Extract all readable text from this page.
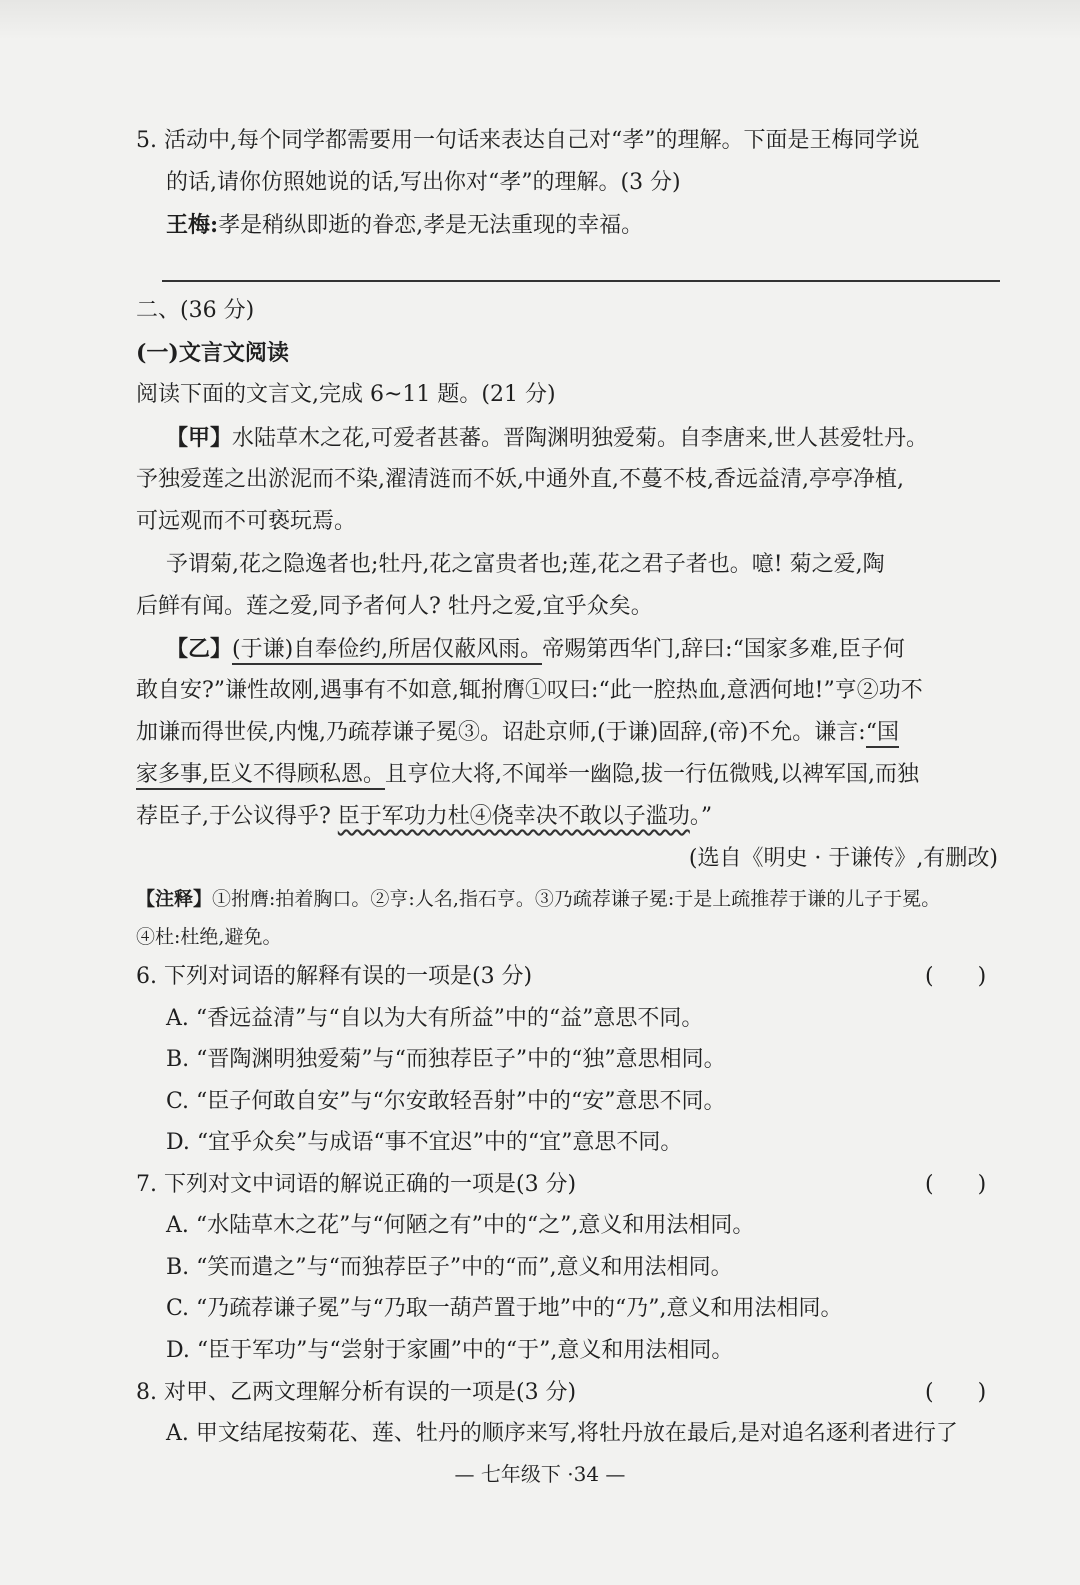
5. 活动中,每个同学都需要用一句话来表达自己对“孝”的理解。下面是王梅同学说
的话,请你仿照她说的话,写出你对“孝”的理解。(3 分)
王梅:孝是稍纵即逝的眷恋,孝是无法重现的幸福。
二、(36 分)
(一)文言文阅读
阅读下面的文言文,完成 6~11 题。(21 分)
【甲】水陆草木之花,可爱者甚蕃。晋陶渊明独爱菊。自李唐来,世人甚爱牡丹。
予独爱莲之出淤泥而不染,濯清涟而不妖,中通外直,不蔓不枝,香远益清,亭亭净植,
可远观而不可亵玩焉。
予谓菊,花之隐逸者也;牡丹,花之富贵者也;莲,花之君子者也。噫! 菊之爱,陶
后鲜有闻。莲之爱,同予者何人? 牡丹之爱,宜乎众矣。
【乙】(于谦)自奉俭约,所居仅蔽风雨。帝赐第西华门,辞曰:“国家多难,臣子何
敢自安?”谦性故刚,遇事有不如意,辄拊膺①叹曰:“此一腔热血,意洒何地!”亨②功不
加谦而得世侯,内愧,乃疏荐谦子冕③。诏赴京师,(于谦)固辞,(帝)不允。谦言:“国
家多事,臣义不得顾私恩。且亨位大将,不闻举一幽隐,拔一行伍微贱,以裨军国,而独
荐臣子,于公议得乎? 臣于军功力杜④侥幸决不敢以子滥功。”
(选自《明史 · 于谦传》,有删改)
【注释】①拊膺:拍着胸口。②亨:人名,指石亨。③乃疏荐谦子冕:于是上疏推荐于谦的儿子于冕。
④杜:杜绝,避免。
6. 下列对词语的解释有误的一项是(3 分)	(　　)
A. “香远益清”与“自以为大有所益”中的“益”意思不同。
B. “晋陶渊明独爱菊”与“而独荐臣子”中的“独”意思相同。
C. “臣子何敢自安”与“尔安敢轻吾射”中的“安”意思不同。
D. “宜乎众矣”与成语“事不宜迟”中的“宜”意思不同。
7. 下列对文中词语的解说正确的一项是(3 分)	(　　)
A. “水陆草木之花”与“何陋之有”中的“之”,意义和用法相同。
B. “笑而遣之”与“而独荐臣子”中的“而”,意义和用法相同。
C. “乃疏荐谦子冕”与“乃取一葫芦置于地”中的“乃”,意义和用法相同。
D. “臣于军功”与“尝射于家圃”中的“于”,意义和用法相同。
8. 对甲、乙两文理解分析有误的一项是(3 分)	(　　)
A. 甲文结尾按菊花、莲、牡丹的顺序来写,将牡丹放在最后,是对追名逐利者进行了
— 七年级下 ·34 —
